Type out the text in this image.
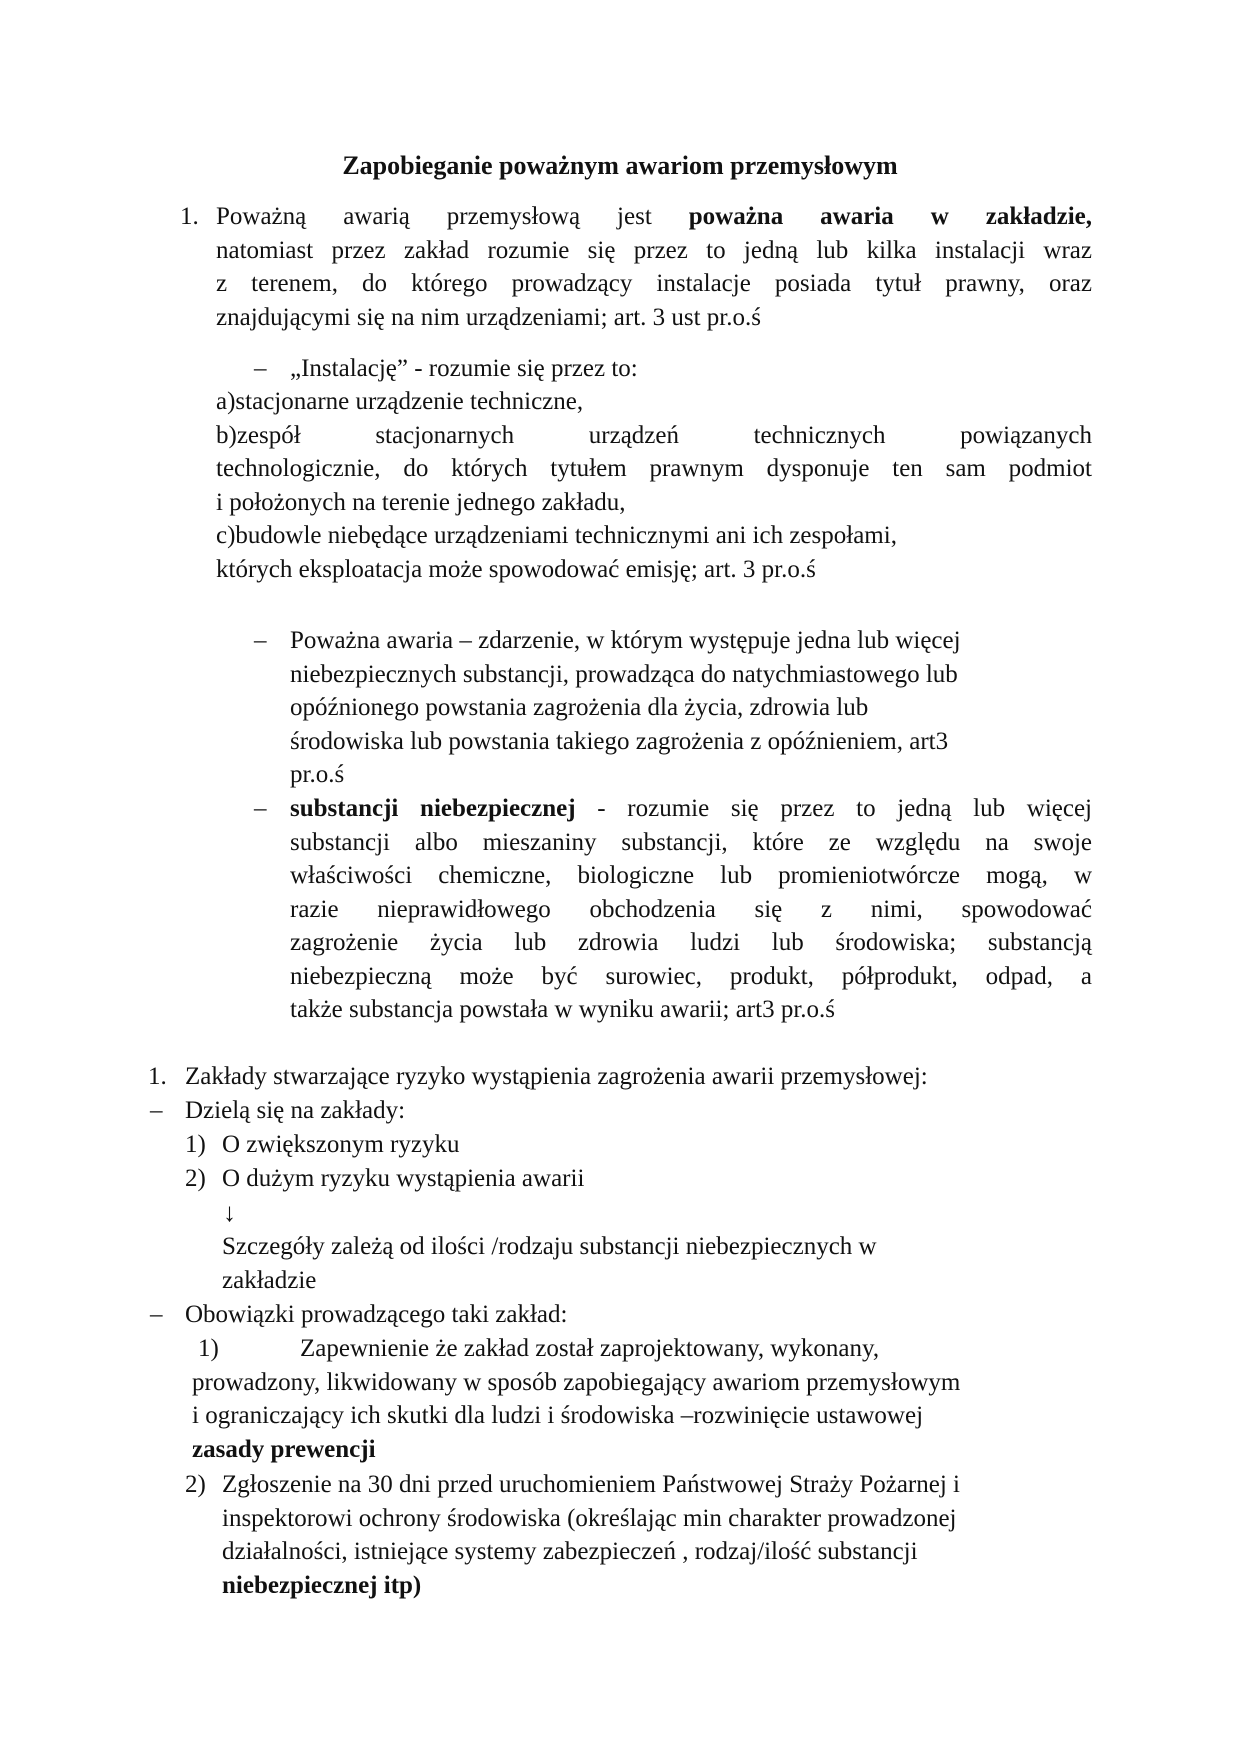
Zapobieganie poważnym awariom przemysłowym
1. Poważną awarią przemysłową jest poważna awaria w zakładzie,
natomiast przez zakład rozumie się przez to jedną lub kilka instalacji wraz
z terenem, do którego prowadzący instalacje posiada tytuł prawny, oraz
znajdującymi się na nim urządzeniami; art. 3 ust pr.o.ś
– „Instalację” - rozumie się przez to:
a)stacjonarne urządzenie techniczne,
b)zespół stacjonarnych urządzeń technicznych powiązanych
technologicznie, do których tytułem prawnym dysponuje ten sam podmiot
i położonych na terenie jednego zakładu,
c)budowle niebędące urządzeniami technicznymi ani ich zespołami,
których eksploatacja może spowodować emisję; art. 3 pr.o.ś
– Poważna awaria – zdarzenie, w którym występuje jedna lub więcej
niebezpiecznych substancji, prowadząca do natychmiastowego lub
opóźnionego powstania zagrożenia dla życia, zdrowia lub
środowiska lub powstania takiego zagrożenia z opóźnieniem, art3
pr.o.ś
– substancji niebezpiecznej - rozumie się przez to jedną lub więcej
substancji albo mieszaniny substancji, które ze względu na swoje
właściwości chemiczne, biologiczne lub promieniotwórcze mogą, w
razie nieprawidłowego obchodzenia się z nimi, spowodować
zagrożenie życia lub zdrowia ludzi lub środowiska; substancją
niebezpieczną może być surowiec, produkt, półprodukt, odpad, a
także substancja powstała w wyniku awarii; art3 pr.o.ś
1. Zakłady stwarzające ryzyko wystąpienia zagrożenia awarii przemysłowej:
– Dzielą się na zakłady:
1) O zwiększonym ryzyku
2) O dużym ryzyku wystąpienia awarii
↓
Szczegóły zależą od ilości /rodzaju substancji niebezpiecznych w
zakładzie
– Obowiązki prowadzącego taki zakład:
1)	Zapewnienie że zakład został zaprojektowany, wykonany,
prowadzony, likwidowany w sposób zapobiegający awariom przemysłowym
i ograniczający ich skutki dla ludzi i środowiska –rozwinięcie ustawowej
zasady prewencji
2) Zgłoszenie na 30 dni przed uruchomieniem Państwowej Straży Pożarnej i
inspektorowi ochrony środowiska (określając min charakter prowadzonej
działalności, istniejące systemy zabezpieczeń , rodzaj/ilość substancji
niebezpiecznej itp)
